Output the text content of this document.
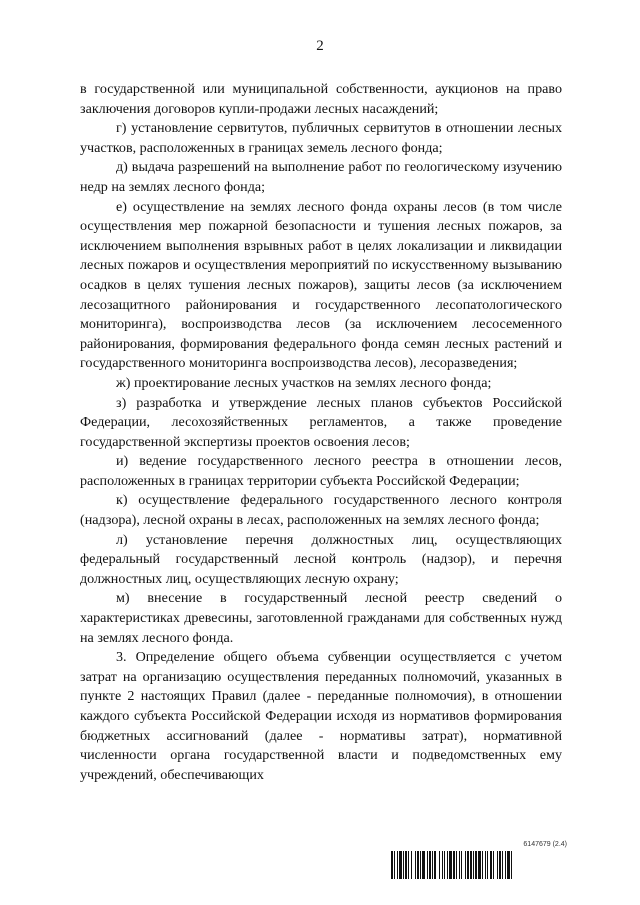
2

в государственной или муниципальной собственности, аукционов на право заключения договоров купли-продажи лесных насаждений;

г) установление сервитутов, публичных сервитутов в отношении лесных участков, расположенных в границах земель лесного фонда;

д) выдача разрешений на выполнение работ по геологическому изучению недр на землях лесного фонда;

е) осуществление на землях лесного фонда охраны лесов (в том числе осуществления мер пожарной безопасности и тушения лесных пожаров, за исключением выполнения взрывных работ в целях локализации и ликвидации лесных пожаров и осуществления мероприятий по искусственному вызыванию осадков в целях тушения лесных пожаров), защиты лесов (за исключением лесозащитного районирования и государственного лесопатологического мониторинга), воспроизводства лесов (за исключением лесосеменного районирования, формирования федерального фонда семян лесных растений и государственного мониторинга воспроизводства лесов), лесоразведения;

ж) проектирование лесных участков на землях лесного фонда;

з) разработка и утверждение лесных планов субъектов Российской Федерации, лесохозяйственных регламентов, а также проведение государственной экспертизы проектов освоения лесов;

и) ведение государственного лесного реестра в отношении лесов, расположенных в границах территории субъекта Российской Федерации;

к) осуществление федерального государственного лесного контроля (надзора), лесной охраны в лесах, расположенных на землях лесного фонда;

л) установление перечня должностных лиц, осуществляющих федеральный государственный лесной контроль (надзор), и перечня должностных лиц, осуществляющих лесную охрану;

м) внесение в государственный лесной реестр сведений о характеристиках древесины, заготовленной гражданами для собственных нужд на землях лесного фонда.

3. Определение общего объема субвенции осуществляется с учетом затрат на организацию осуществления переданных полномочий, указанных в пункте 2 настоящих Правил (далее - переданные полномочия), в отношении каждого субъекта Российской Федерации исходя из нормативов формирования бюджетных ассигнований (далее - нормативы затрат), нормативной численности органа государственной власти и подведомственных ему учреждений, обеспечивающих

6147679 (2.4)
